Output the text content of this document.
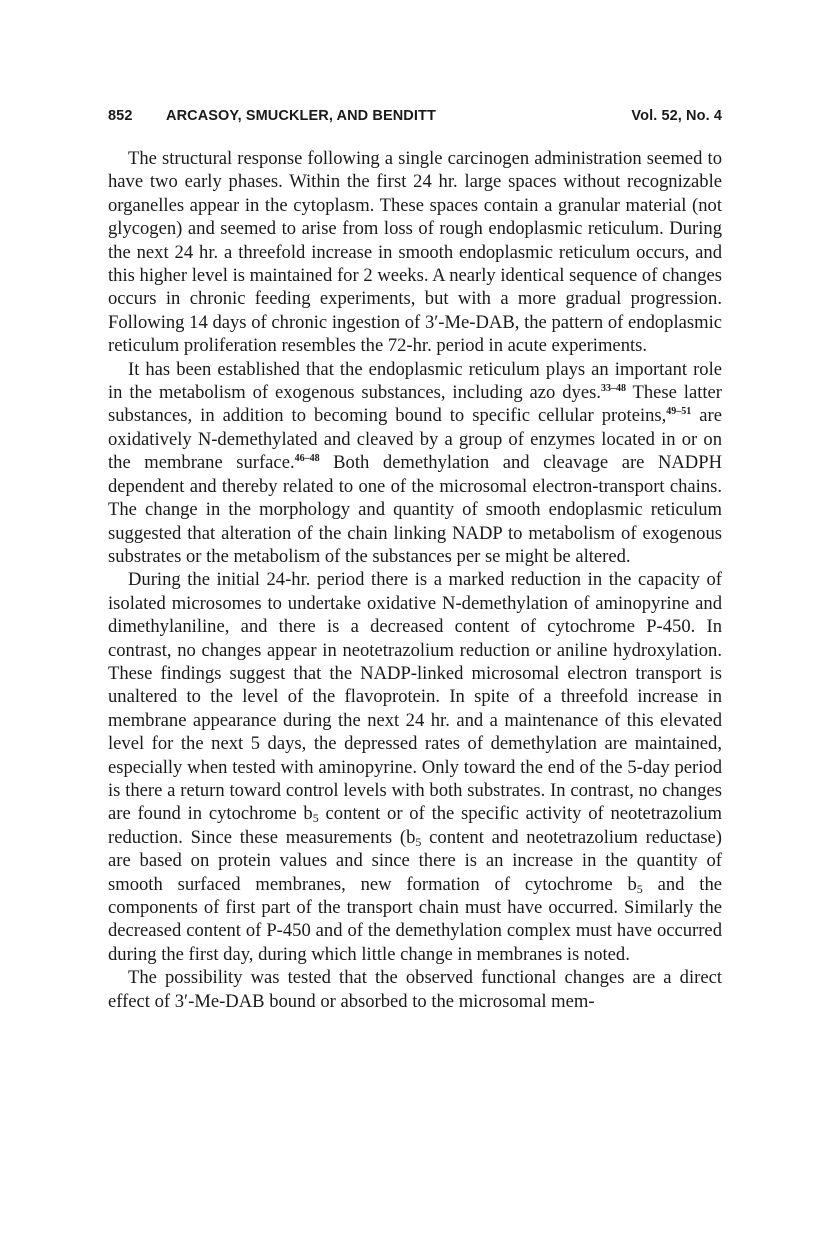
852 ARCASOY, SMUCKLER, AND BENDITT	Vol. 52, No. 4

The structural response following a single carcinogen administration seemed to have two early phases. Within the first 24 hr. large spaces without recognizable organelles appear in the cytoplasm. These spaces contain a granular material (not glycogen) and seemed to arise from loss of rough endoplasmic reticulum. During the next 24 hr. a threefold increase in smooth endoplasmic reticulum occurs, and this higher level is maintained for 2 weeks. A nearly identical sequence of changes occurs in chronic feeding experiments, but with a more gradual progression. Following 14 days of chronic ingestion of 3′-Me-DAB, the pattern of endoplasmic reticulum proliferation resembles the 72-hr. period in acute experiments.

It has been established that the endoplasmic reticulum plays an important role in the metabolism of exogenous substances, including azo dyes.$^{33-48}$ These latter substances, in addition to becoming bound to specific cellular proteins,$^{49-51}$ are oxidatively N-demethylated and cleaved by a group of enzymes located in or on the membrane surface.$^{46-48}$ Both demethylation and cleavage are NADPH dependent and thereby related to one of the microsomal electron-transport chains. The change in the morphology and quantity of smooth endoplasmic reticulum suggested that alteration of the chain linking NADP to metabolism of exogenous substrates or the metabolism of the substances per se might be altered.

During the initial 24-hr. period there is a marked reduction in the capacity of isolated microsomes to undertake oxidative N-demethylation of aminopyrine and dimethylaniline, and there is a decreased content of cytochrome P-450. In contrast, no changes appear in neotetrazolium reduction or aniline hydroxylation. These findings suggest that the NADP-linked microsomal electron transport is unaltered to the level of the flavoprotein. In spite of a threefold increase in membrane appearance during the next 24 hr. and a maintenance of this elevated level for the next 5 days, the depressed rates of demethylation are maintained, especially when tested with aminopyrine. Only toward the end of the 5-day period is there a return toward control levels with both substrates. In contrast, no changes are found in cytochrome $b_5$ content or of the specific activity of neotetrazolium reduction. Since these measurements ($b_5$ content and neotetrazolium reductase) are based on protein values and since there is an increase in the quantity of smooth surfaced membranes, new formation of cytochrome $b_5$ and the components of first part of the transport chain must have occurred. Similarly the decreased content of P-450 and of the demethylation complex must have occurred during the first day, during which little change in membranes is noted.

The possibility was tested that the observed functional changes are a direct effect of 3′-Me-DAB bound or absorbed to the microsomal mem-
